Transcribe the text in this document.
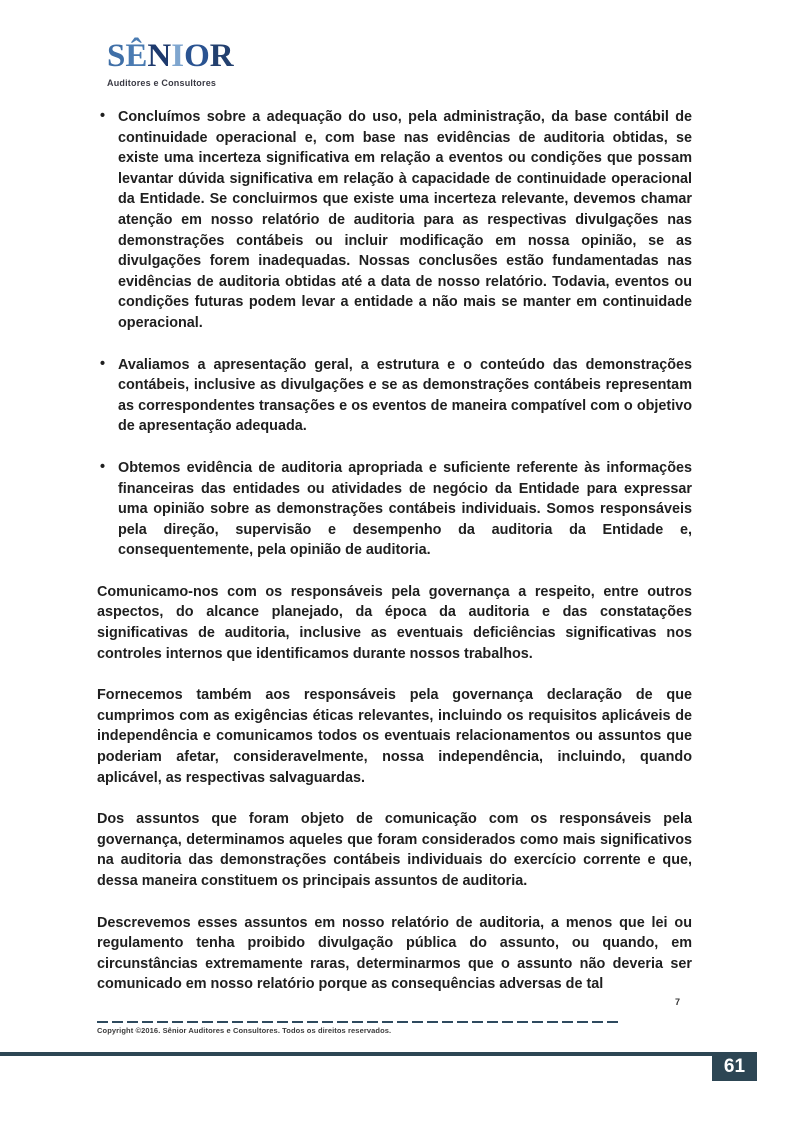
SÊNIOR
Auditores e Consultores
• Concluímos sobre a adequação do uso, pela administração, da base contábil de continuidade operacional e, com base nas evidências de auditoria obtidas, se existe uma incerteza significativa em relação a eventos ou condições que possam levantar dúvida significativa em relação à capacidade de continuidade operacional da Entidade. Se concluirmos que existe uma incerteza relevante, devemos chamar atenção em nosso relatório de auditoria para as respectivas divulgações nas demonstrações contábeis ou incluir modificação em nossa opinião, se as divulgações forem inadequadas. Nossas conclusões estão fundamentadas nas evidências de auditoria obtidas até a data de nosso relatório. Todavia, eventos ou condições futuras podem levar a entidade a não mais se manter em continuidade operacional.
• Avaliamos a apresentação geral, a estrutura e o conteúdo das demonstrações contábeis, inclusive as divulgações e se as demonstrações contábeis representam as correspondentes transações e os eventos de maneira compatível com o objetivo de apresentação adequada.
• Obtemos evidência de auditoria apropriada e suficiente referente às informações financeiras das entidades ou atividades de negócio da Entidade para expressar uma opinião sobre as demonstrações contábeis individuais. Somos responsáveis pela direção, supervisão e desempenho da auditoria da Entidade e, consequentemente, pela opinião de auditoria.

Comunicamo-nos com os responsáveis pela governança a respeito, entre outros aspectos, do alcance planejado, da época da auditoria e das constatações significativas de auditoria, inclusive as eventuais deficiências significativas nos controles internos que identificamos durante nossos trabalhos.

Fornecemos também aos responsáveis pela governança declaração de que cumprimos com as exigências éticas relevantes, incluindo os requisitos aplicáveis de independência e comunicamos todos os eventuais relacionamentos ou assuntos que poderiam afetar, consideravelmente, nossa independência, incluindo, quando aplicável, as respectivas salvaguardas.

Dos assuntos que foram objeto de comunicação com os responsáveis pela governança, determinamos aqueles que foram considerados como mais significativos na auditoria das demonstrações contábeis individuais do exercício corrente e que, dessa maneira constituem os principais assuntos de auditoria.

Descrevemos esses assuntos em nosso relatório de auditoria, a menos que lei ou regulamento tenha proibido divulgação pública do assunto, ou quando, em circunstâncias extremamente raras, determinarmos que o assunto não deveria ser comunicado em nosso relatório porque as consequências adversas de tal

7
Copyright ©2016. Sênior Auditores e Consultores. Todos os direitos reservados.
61
